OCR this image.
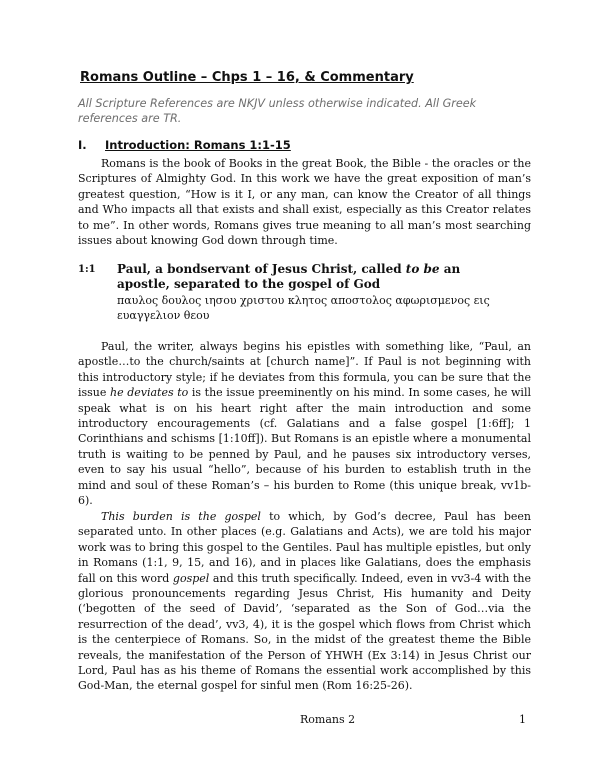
Romans Outline – Chps 1 – 16, & Commentary
All Scripture References are NKJV unless otherwise indicated. All Greek references are TR.
I. Introduction: Romans 1:1-15

Romans is the book of Books in the great Book, the Bible - the oracles or the Scriptures of Almighty God. In this work we have the great exposition of man’s greatest question, “How is it I, or any man, can know the Creator of all things and Who impacts all that exists and shall exist, especially as this Creator relates to me”. In other words, Romans gives true meaning to all man’s most searching issues about knowing God down through time.

1:1 Paul, a bondservant of Jesus Christ, called to be an apostle, separated to the gospel of God
παυλος δουλος ιησου χριστου κλητος αποστολος αφωρισμενος εις ευαγγελιον θεου

Paul, the writer, always begins his epistles with something like, “Paul, an apostle…to the church/saints at [church name]”. If Paul is not beginning with this introductory style; if he deviates from this formula, you can be sure that the issue he deviates to is the issue preeminently on his mind. In some cases, he will speak what is on his heart right after the main introduction and some introductory encouragements (cf. Galatians and a false gospel [1:6ff]; 1 Corinthians and schisms [1:10ff]). But Romans is an epistle where a monumental truth is waiting to be penned by Paul, and he pauses six introductory verses, even to say his usual “hello”, because of his burden to establish truth in the mind and soul of these Roman’s – his burden to Rome (this unique break, vv1b-6).

This burden is the gospel to which, by God’s decree, Paul has been separated unto. In other places (e.g. Galatians and Acts), we are told his major work was to bring this gospel to the Gentiles. Paul has multiple epistles, but only in Romans (1:1, 9, 15, and 16), and in places like Galatians, does the emphasis fall on this word gospel and this truth specifically. Indeed, even in vv3-4 with the glorious pronouncements regarding Jesus Christ, His humanity and Deity (‘begotten of the seed of David’, ‘separated as the Son of God…via the resurrection of the dead’, vv3, 4), it is the gospel which flows from Christ which is the centerpiece of Romans. So, in the midst of the greatest theme the Bible reveals, the manifestation of the Person of YHWH (Ex 3:14) in Jesus Christ our Lord, Paul has as his theme of Romans the essential work accomplished by this God-Man, the eternal gospel for sinful men (Rom 16:25-26).

Romans 2	1
